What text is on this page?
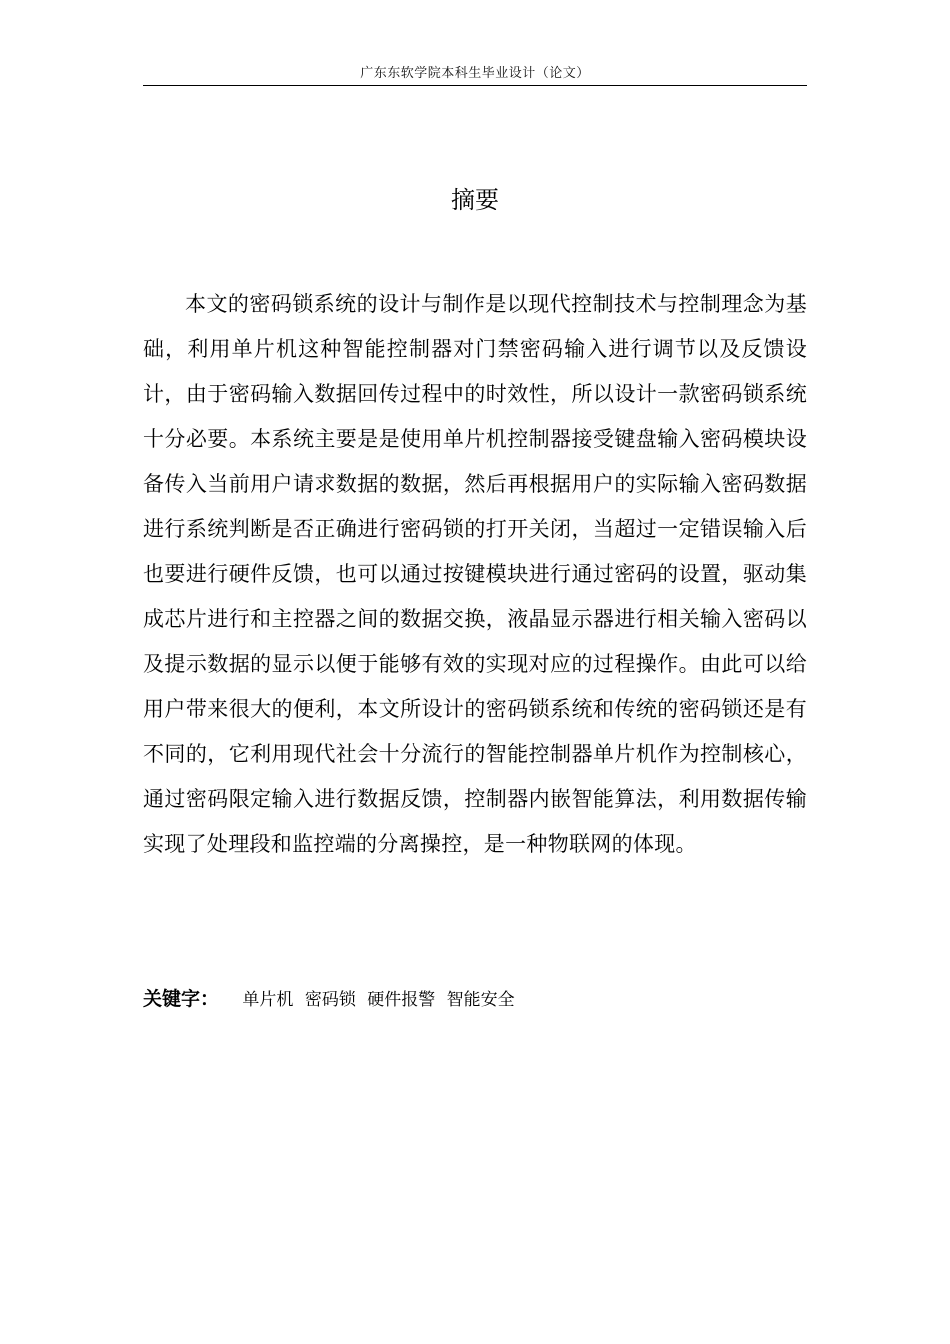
广东东软学院本科生毕业设计（论文）
摘要

本文的密码锁系统的设计与制作是以现代控制技术与控制理念为基础，利用单片机这种智能控制器对门禁密码输入进行调节以及反馈设计，由于密码输入数据回传过程中的时效性，所以设计一款密码锁系统十分必要。本系统主要是是使用单片机控制器接受键盘输入密码模块设备传入当前用户请求数据的数据，然后再根据用户的实际输入密码数据进行系统判断是否正确进行密码锁的打开关闭，当超过一定错误输入后也要进行硬件反馈，也可以通过按键模块进行通过密码的设置，驱动集成芯片进行和主控器之间的数据交换，液晶显示器进行相关输入密码以及提示数据的显示以便于能够有效的实现对应的过程操作。由此可以给用户带来很大的便利，本文所设计的密码锁系统和传统的密码锁还是有不同的，它利用现代社会十分流行的智能控制器单片机作为控制核心，通过密码限定输入进行数据反馈，控制器内嵌智能算法，利用数据传输实现了处理段和监控端的分离操控，是一种物联网的体现。

关键字： 单片机 密码锁 硬件报警 智能安全
